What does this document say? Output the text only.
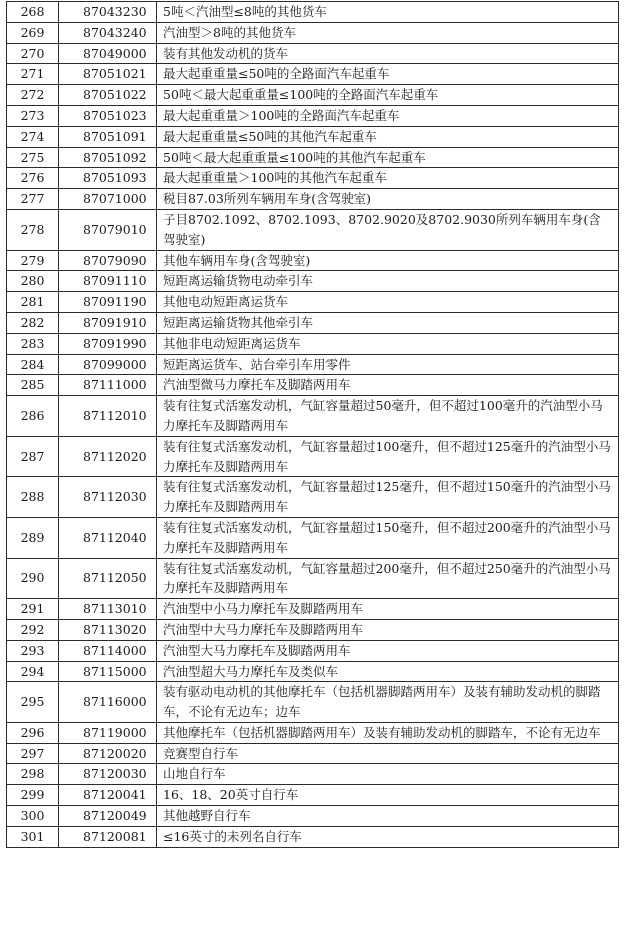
268	87043230	5吨＜汽油型≤8吨的其他货车
269	87043240	汽油型＞8吨的其他货车
270	87049000	装有其他发动机的货车
271	87051021	最大起重重量≤50吨的全路面汽车起重车
272	87051022	50吨＜最大起重重量≤100吨的全路面汽车起重车
273	87051023	最大起重重量＞100吨的全路面汽车起重车
274	87051091	最大起重重量≤50吨的其他汽车起重车
275	87051092	50吨＜最大起重重量≤100吨的其他汽车起重车
276	87051093	最大起重重量＞100吨的其他汽车起重车
277	87071000	税目87.03所列车辆用车身(含驾驶室)
278	87079010	子目8702.1092、8702.1093、8702.9020及8702.9030所列车辆用车身(含驾驶室)
279	87079090	其他车辆用车身(含驾驶室)
280	87091110	短距离运输货物电动牵引车
281	87091190	其他电动短距离运货车
282	87091910	短距离运输货物其他牵引车
283	87091990	其他非电动短距离运货车
284	87099000	短距离运货车、站台牵引车用零件
285	87111000	汽油型微马力摩托车及脚踏两用车
286	87112010	装有往复式活塞发动机，气缸容量超过50毫升，但不超过100毫升的汽油型小马力摩托车及脚踏两用车
287	87112020	装有往复式活塞发动机，气缸容量超过100毫升，但不超过125毫升的汽油型小马力摩托车及脚踏两用车
288	87112030	装有往复式活塞发动机，气缸容量超过125毫升，但不超过150毫升的汽油型小马力摩托车及脚踏两用车
289	87112040	装有往复式活塞发动机，气缸容量超过150毫升，但不超过200毫升的汽油型小马力摩托车及脚踏两用车
290	87112050	装有往复式活塞发动机，气缸容量超过200毫升，但不超过250毫升的汽油型小马力摩托车及脚踏两用车
291	87113010	汽油型中小马力摩托车及脚踏两用车
292	87113020	汽油型中大马力摩托车及脚踏两用车
293	87114000	汽油型大马力摩托车及脚踏两用车
294	87115000	汽油型超大马力摩托车及类似车
295	87116000	装有驱动电动机的其他摩托车（包括机器脚踏两用车）及装有辅助发动机的脚踏车，不论有无边车；边车
296	87119000	其他摩托车（包括机器脚踏两用车）及装有辅助发动机的脚踏车，不论有无边车
297	87120020	竞赛型自行车
298	87120030	山地自行车
299	87120041	16、18、20英寸自行车
300	87120049	其他越野自行车
301	87120081	≤16英寸的未列名自行车
